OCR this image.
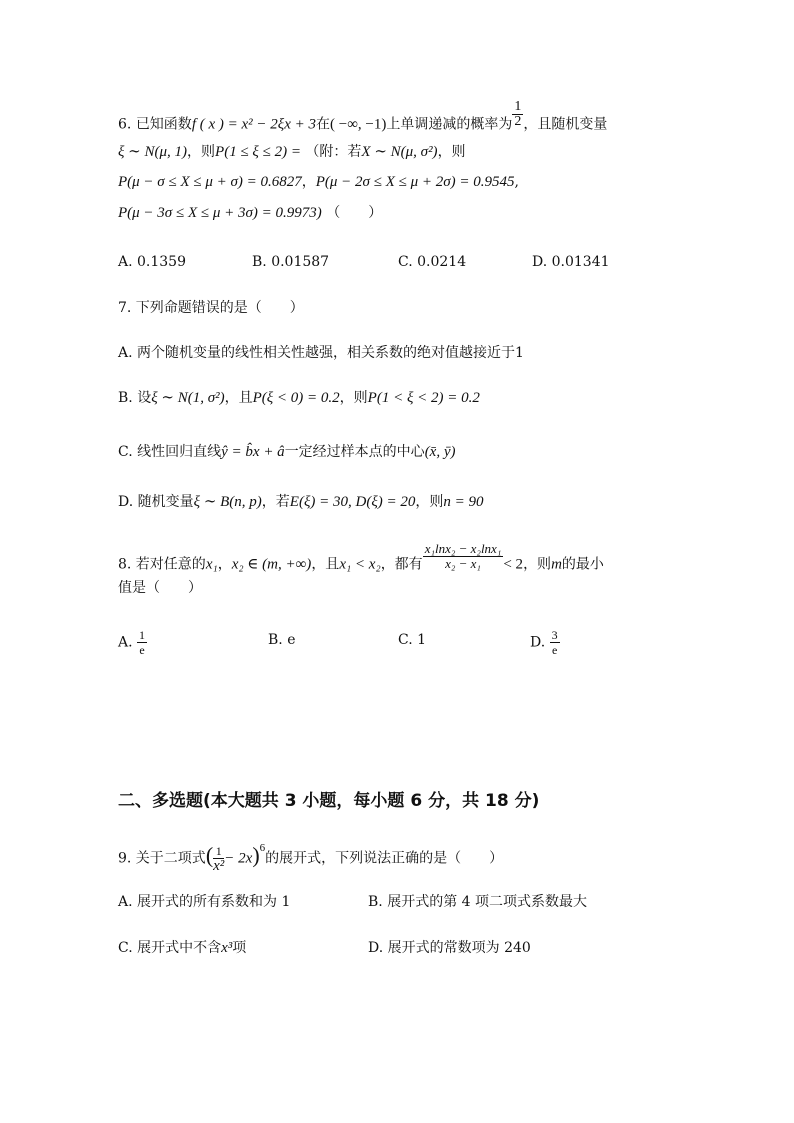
6. 已知函数f ( x ) = x² − 2ξx + 3在( −∞, −1)上单调递减的概率为 $\frac{1}{2}$ ，且随机变量
ξ ∼ N(μ, 1)，则P(1 ≤ ξ ≤ 2) = （附：若X ∼ N(μ, σ²)，则
P(μ − σ ≤ X ≤ μ + σ) = 0.6827，P(μ − 2σ ≤ X ≤ μ + 2σ) = 0.9545,
P(μ − 3σ ≤ X ≤ μ + 3σ) = 0.9973) （　　）
A. 0.1359	B. 0.01587	C. 0.0214	D. 0.01341
7. 下列命题错误的是（　　）
A. 两个随机变量的线性相关性越强，相关系数的绝对值越接近于1
B. 设ξ ∼ N(1, σ²)，且P(ξ < 0) = 0.2，则P(1 < ξ < 2) = 0.2
C. 线性回归直线ŷ = b̂x + â一定经过样本点的中心(x̄, ȳ)
D. 随机变量ξ ∼ B(n, p)，若E(ξ) = 30, D(ξ) = 20，则n = 90
8. 若对任意的x₁，x₂ ∈ (m, +∞)，且x₁ < x₂，都有 $\frac{\text{x₁lnx₂ − x₂lnx₁}}{\text{x₂ − x₁}} < 2$，则m的最小
值是（　　）
A. $\frac{1}{e}$	B. e	C. 1	D. $\frac{3}{e}$
二、多选题(本大题共 3 小题，每小题 6 分，共 18 分)
9. 关于二项式( $\frac{1}{\text{x²}} - 2x)^6$的展开式，下列说法正确的是（　　）
A. 展开式的所有系数和为 1	B. 展开式的第 4 项二项式系数最大
C. 展开式中不含x³项	D. 展开式的常数项为 240
